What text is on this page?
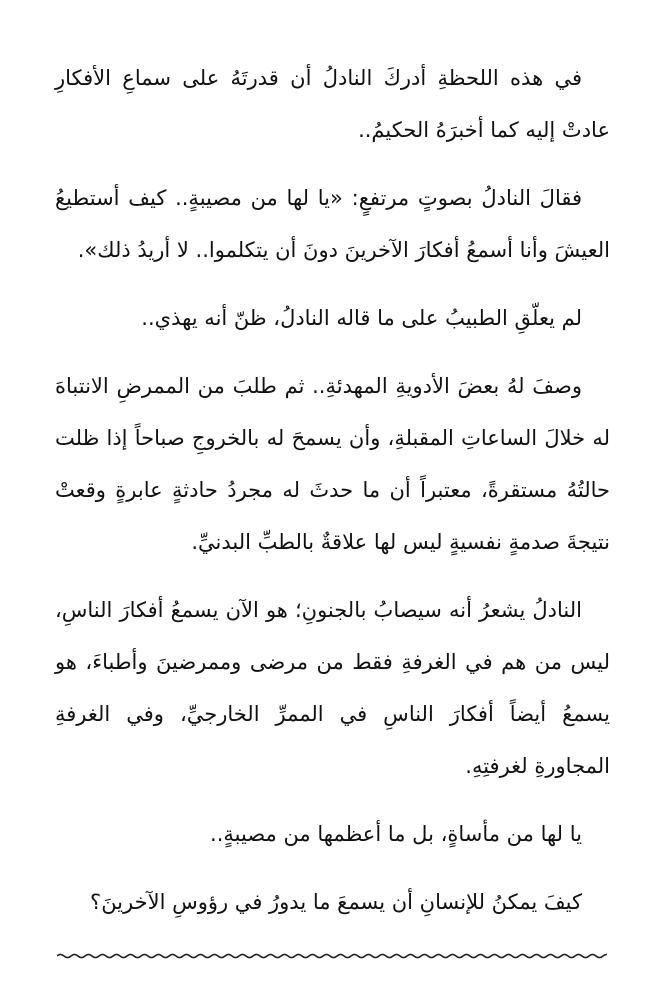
في هذه اللحظةِ أدركَ النادلُ أن قدرتَهُ على سماعِ الأفكارِ عادتْ إليه كما أخبرَهُ الحكيمُ..

فقالَ النادلُ بصوتٍ مرتفعٍ: «يا لها من مصيبةٍ.. كيف أستطيعُ العيشَ وأنا أسمعُ أفكارَ الآخرينَ دونَ أن يتكلموا.. لا أريدُ ذلك».

لم يعلّقِ الطبيبُ على ما قاله النادلُ، ظنّ أنه يهذي..

وصفَ لهُ بعضَ الأدويةِ المهدئةِ.. ثم طلبَ من الممرضِ الانتباهَ له خلالَ الساعاتِ المقبلةِ، وأن يسمحَ له بالخروجِ صباحاً إذا ظلت حالتُهُ مستقرةً، معتبراً أن ما حدثَ له مجردُ حادثةٍ عابرةٍ وقعتْ نتيجةَ صدمةٍ نفسيةٍ ليس لها علاقةٌ بالطبِّ البدنيِّ.

النادلُ يشعرُ أنه سيصابُ بالجنونِ؛ هو الآن يسمعُ أفكارَ الناسِ، ليس من هم في الغرفةِ فقط من مرضى وممرضينَ وأطباءَ، هو يسمعُ أيضاً أفكارَ الناسِ في الممرِّ الخارجيِّ، وفي الغرفةِ المجاورةِ لغرفتِهِ.

يا لها من مأساةٍ، بل ما أعظمها من مصيبةٍ..

كيفَ يمكنُ للإنسانِ أن يسمعَ ما يدورُ في رؤوسِ الآخرينَ؟
